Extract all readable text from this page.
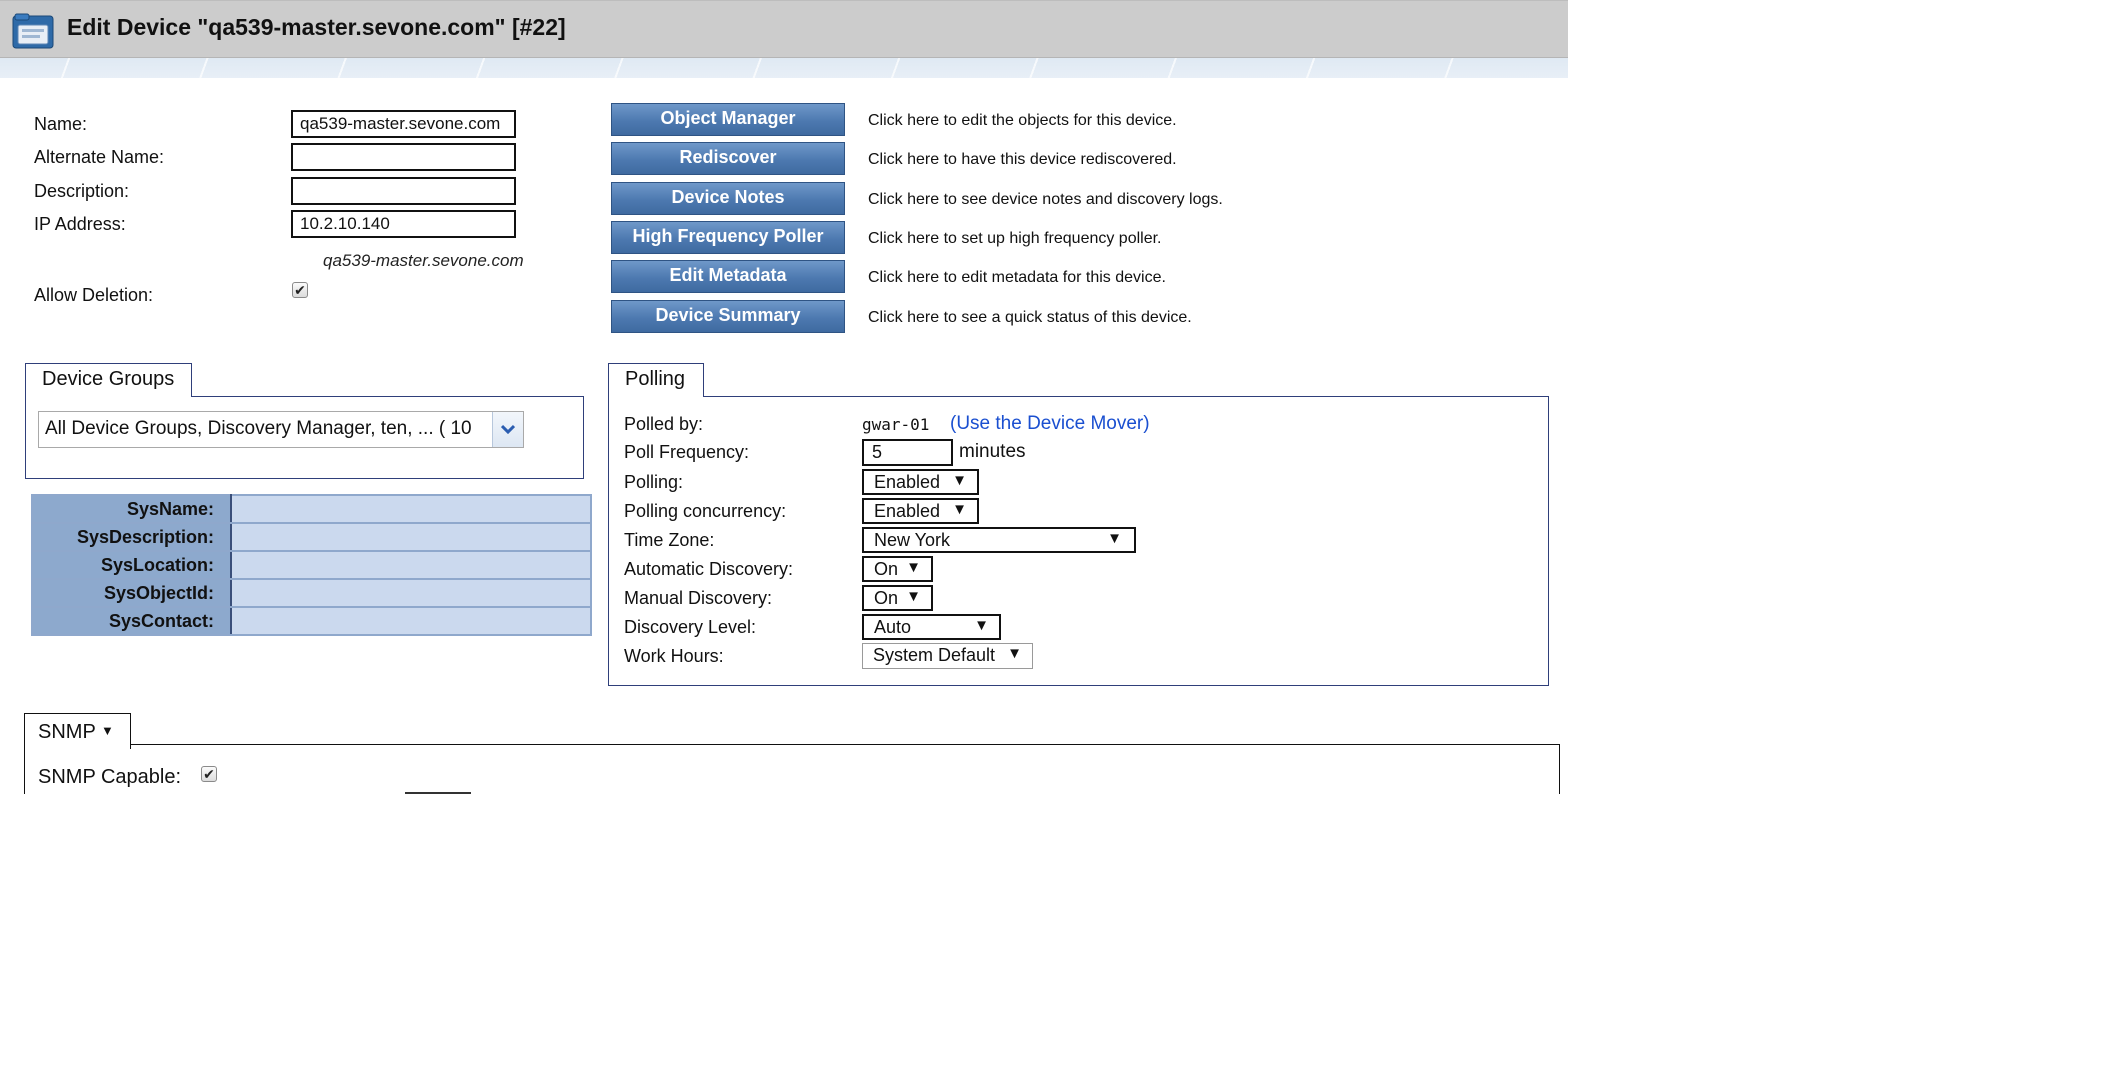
Edit Device "qa539-master.sevone.com" [#22]
Name:	qa539-master.sevone.com
Alternate Name:
Description:
IP Address:	10.2.10.140
qa539-master.sevone.com
Allow Deletion:	✔
Object Manager	Click here to edit the objects for this device.
Rediscover	Click here to have this device rediscovered.
Device Notes	Click here to see device notes and discovery logs.
High Frequency Poller	Click here to set up high frequency poller.
Edit Metadata	Click here to edit metadata for this device.
Device Summary	Click here to see a quick status of this device.
Device Groups
All Device Groups, Discovery Manager, ten, ... ( 10
SysName:	
SysDescription:	
SysLocation:	
SysObjectId:	
SysContact:	
Polling
Polled by:	gwar-01 (Use the Device Mover)
Poll Frequency:	5	minutes
Polling:	Enabled ▼
Polling concurrency:	Enabled ▼
Time Zone:	New York	▼
Automatic Discovery:	On ▼
Manual Discovery:	On ▼
Discovery Level:	Auto	▼
Work Hours:	System Default ▼
SNMP ▼
SNMP Capable: ✔
